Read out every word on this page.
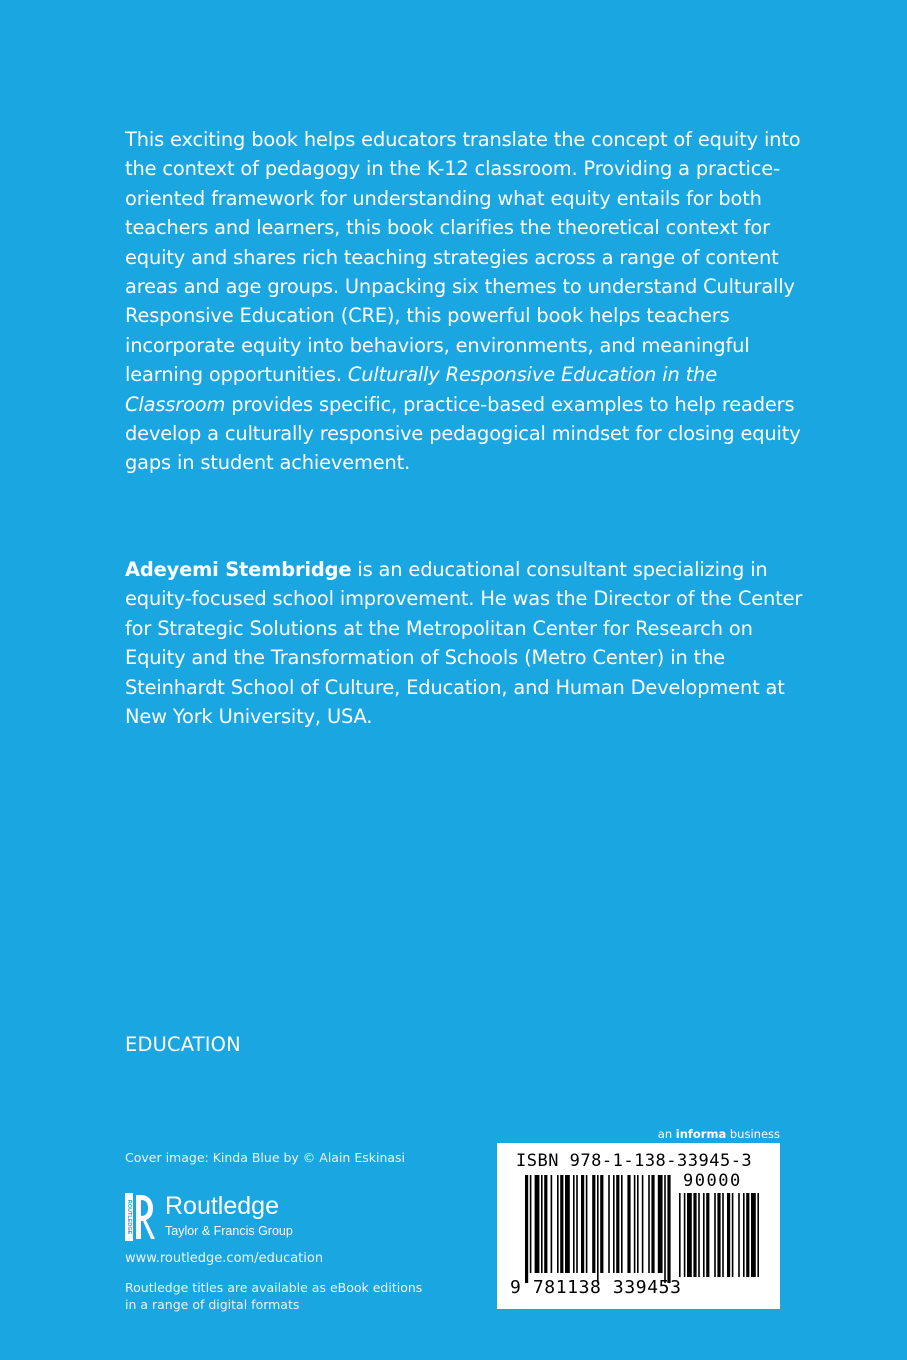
This exciting book helps educators translate the concept of equity into the context of pedagogy in the K-12 classroom. Providing a practice-oriented framework for understanding what equity entails for both teachers and learners, this book clarifies the theoretical context for equity and shares rich teaching strategies across a range of content areas and age groups. Unpacking six themes to understand Culturally Responsive Education (CRE), this powerful book helps teachers incorporate equity into behaviors, environments, and meaningful learning opportunities. Culturally Responsive Education in the Classroom provides specific, practice-based examples to help readers develop a culturally responsive pedagogical mindset for closing equity gaps in student achievement.

Adeyemi Stembridge is an educational consultant specializing in equity-focused school improvement. He was the Director of the Center for Strategic Solutions at the Metropolitan Center for Research on Equity and the Transformation of Schools (Metro Center) in the Steinhardt School of Culture, Education, and Human Development at New York University, USA.

EDUCATION
Cover image: Kinda Blue by © Alain Eskinasi
ROUTLEDGE Routledge
Taylor & Francis Group
www.routledge.com/education
Routledge titles are available as eBook editions in a range of digital formats
an informa business
ISBN 978-1-138-33945-3
90000
9 781138 339453
